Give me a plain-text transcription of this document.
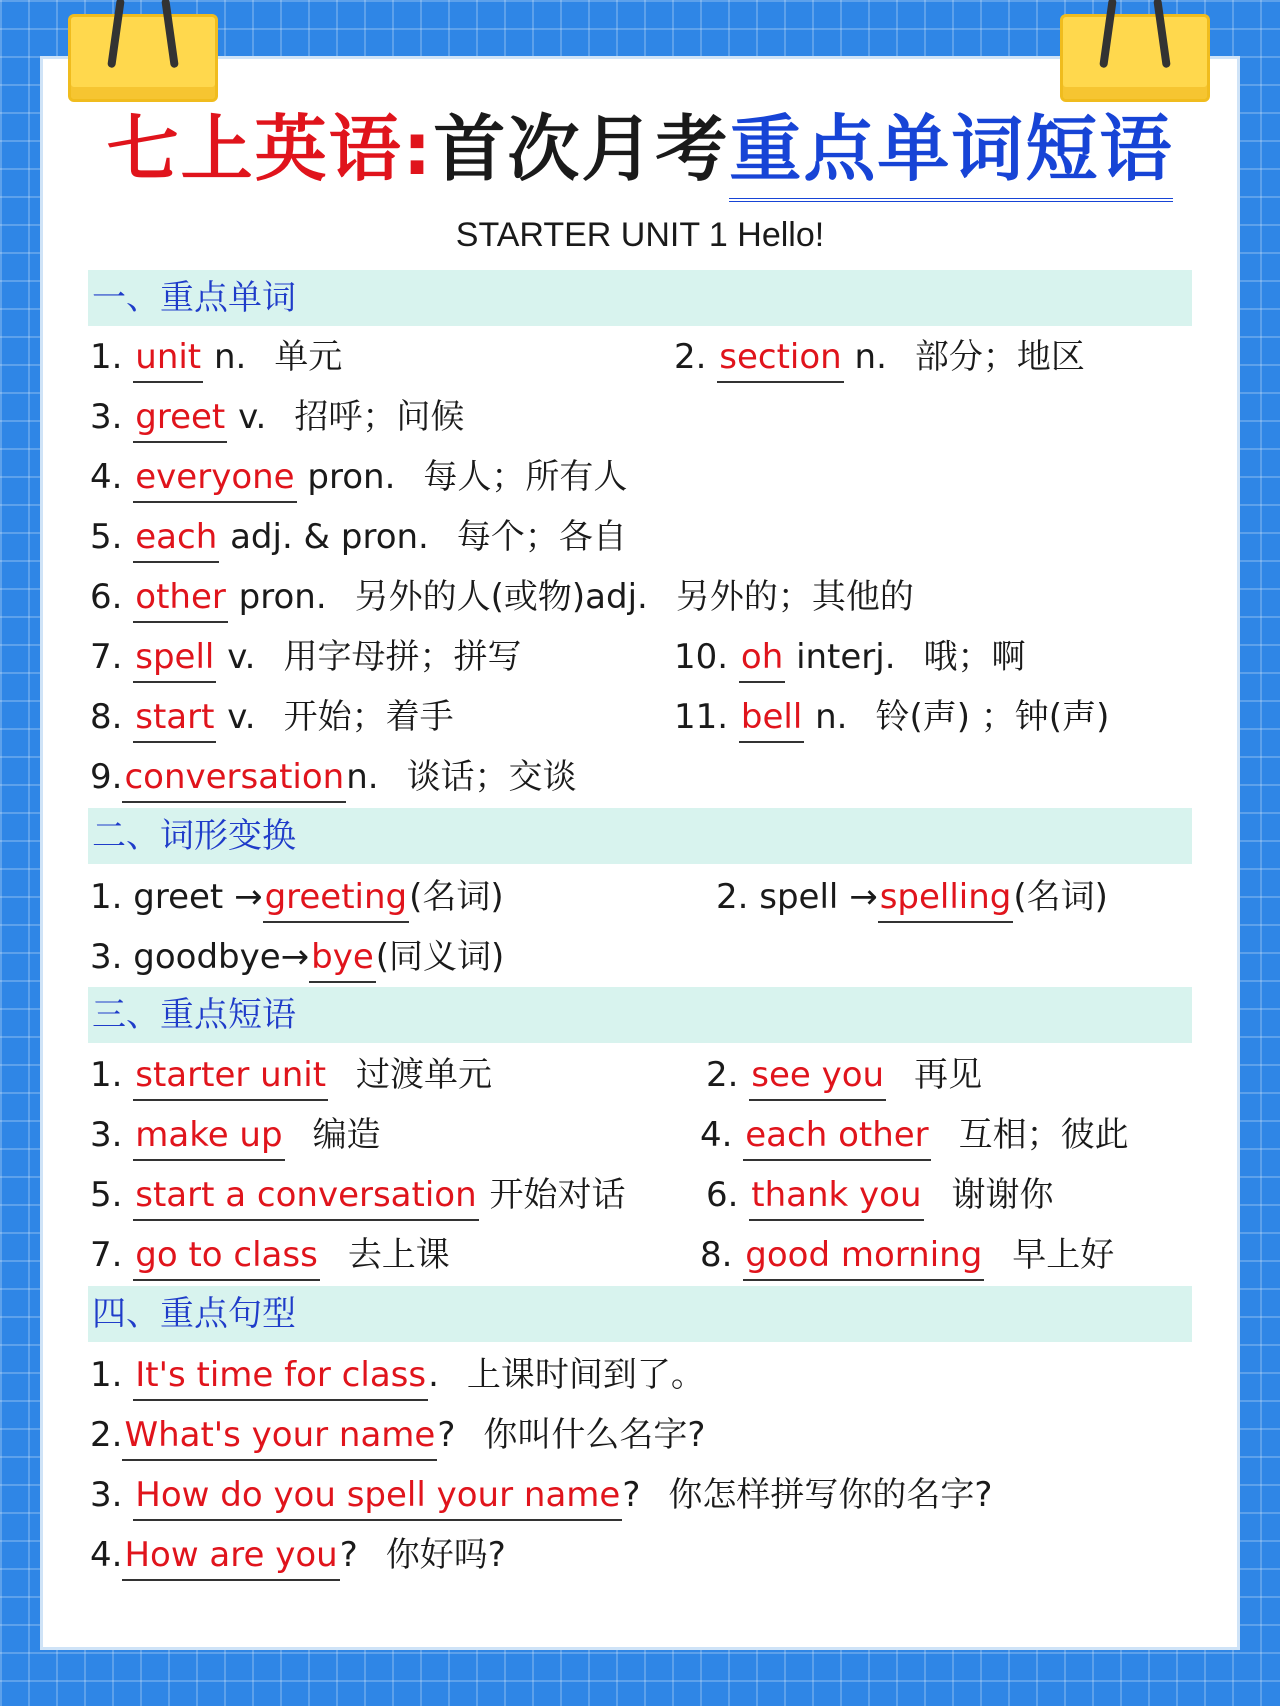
七上英语:首次月考重点单词短语
STARTER UNIT 1 Hello!
一、重点单词
1. unit n. 单元	2. section n. 部分；地区
3. greet v. 招呼；问候
4. everyone pron. 每人；所有人
5. each adj. & pron. 每个；各自
6. other pron. 另外的人(或物)adj. 另外的；其他的
7. spell v. 用字母拼；拼写	10. oh interj. 哦；啊
8. start v. 开始；着手	11. bell n. 铃(声) ；钟(声)
9.conversationn. 谈话；交谈
二、词形变换
1. greet →greeting(名词)	2. spell →spelling(名词)
3. goodbye→bye(同义词)
三、重点短语
1. starter unit 过渡单元	2. see you 再见
3. make up 编造	4. each other 互相；彼此
5. start a conversation 开始对话 6. thank you 谢谢你
7. go to class 去上课	8. good morning 早上好
四、重点句型
1. It's time for class. 上课时间到了。
2.What's your name? 你叫什么名字?
3. How do you spell your name? 你怎样拼写你的名字?
4.How are you? 你好吗?
